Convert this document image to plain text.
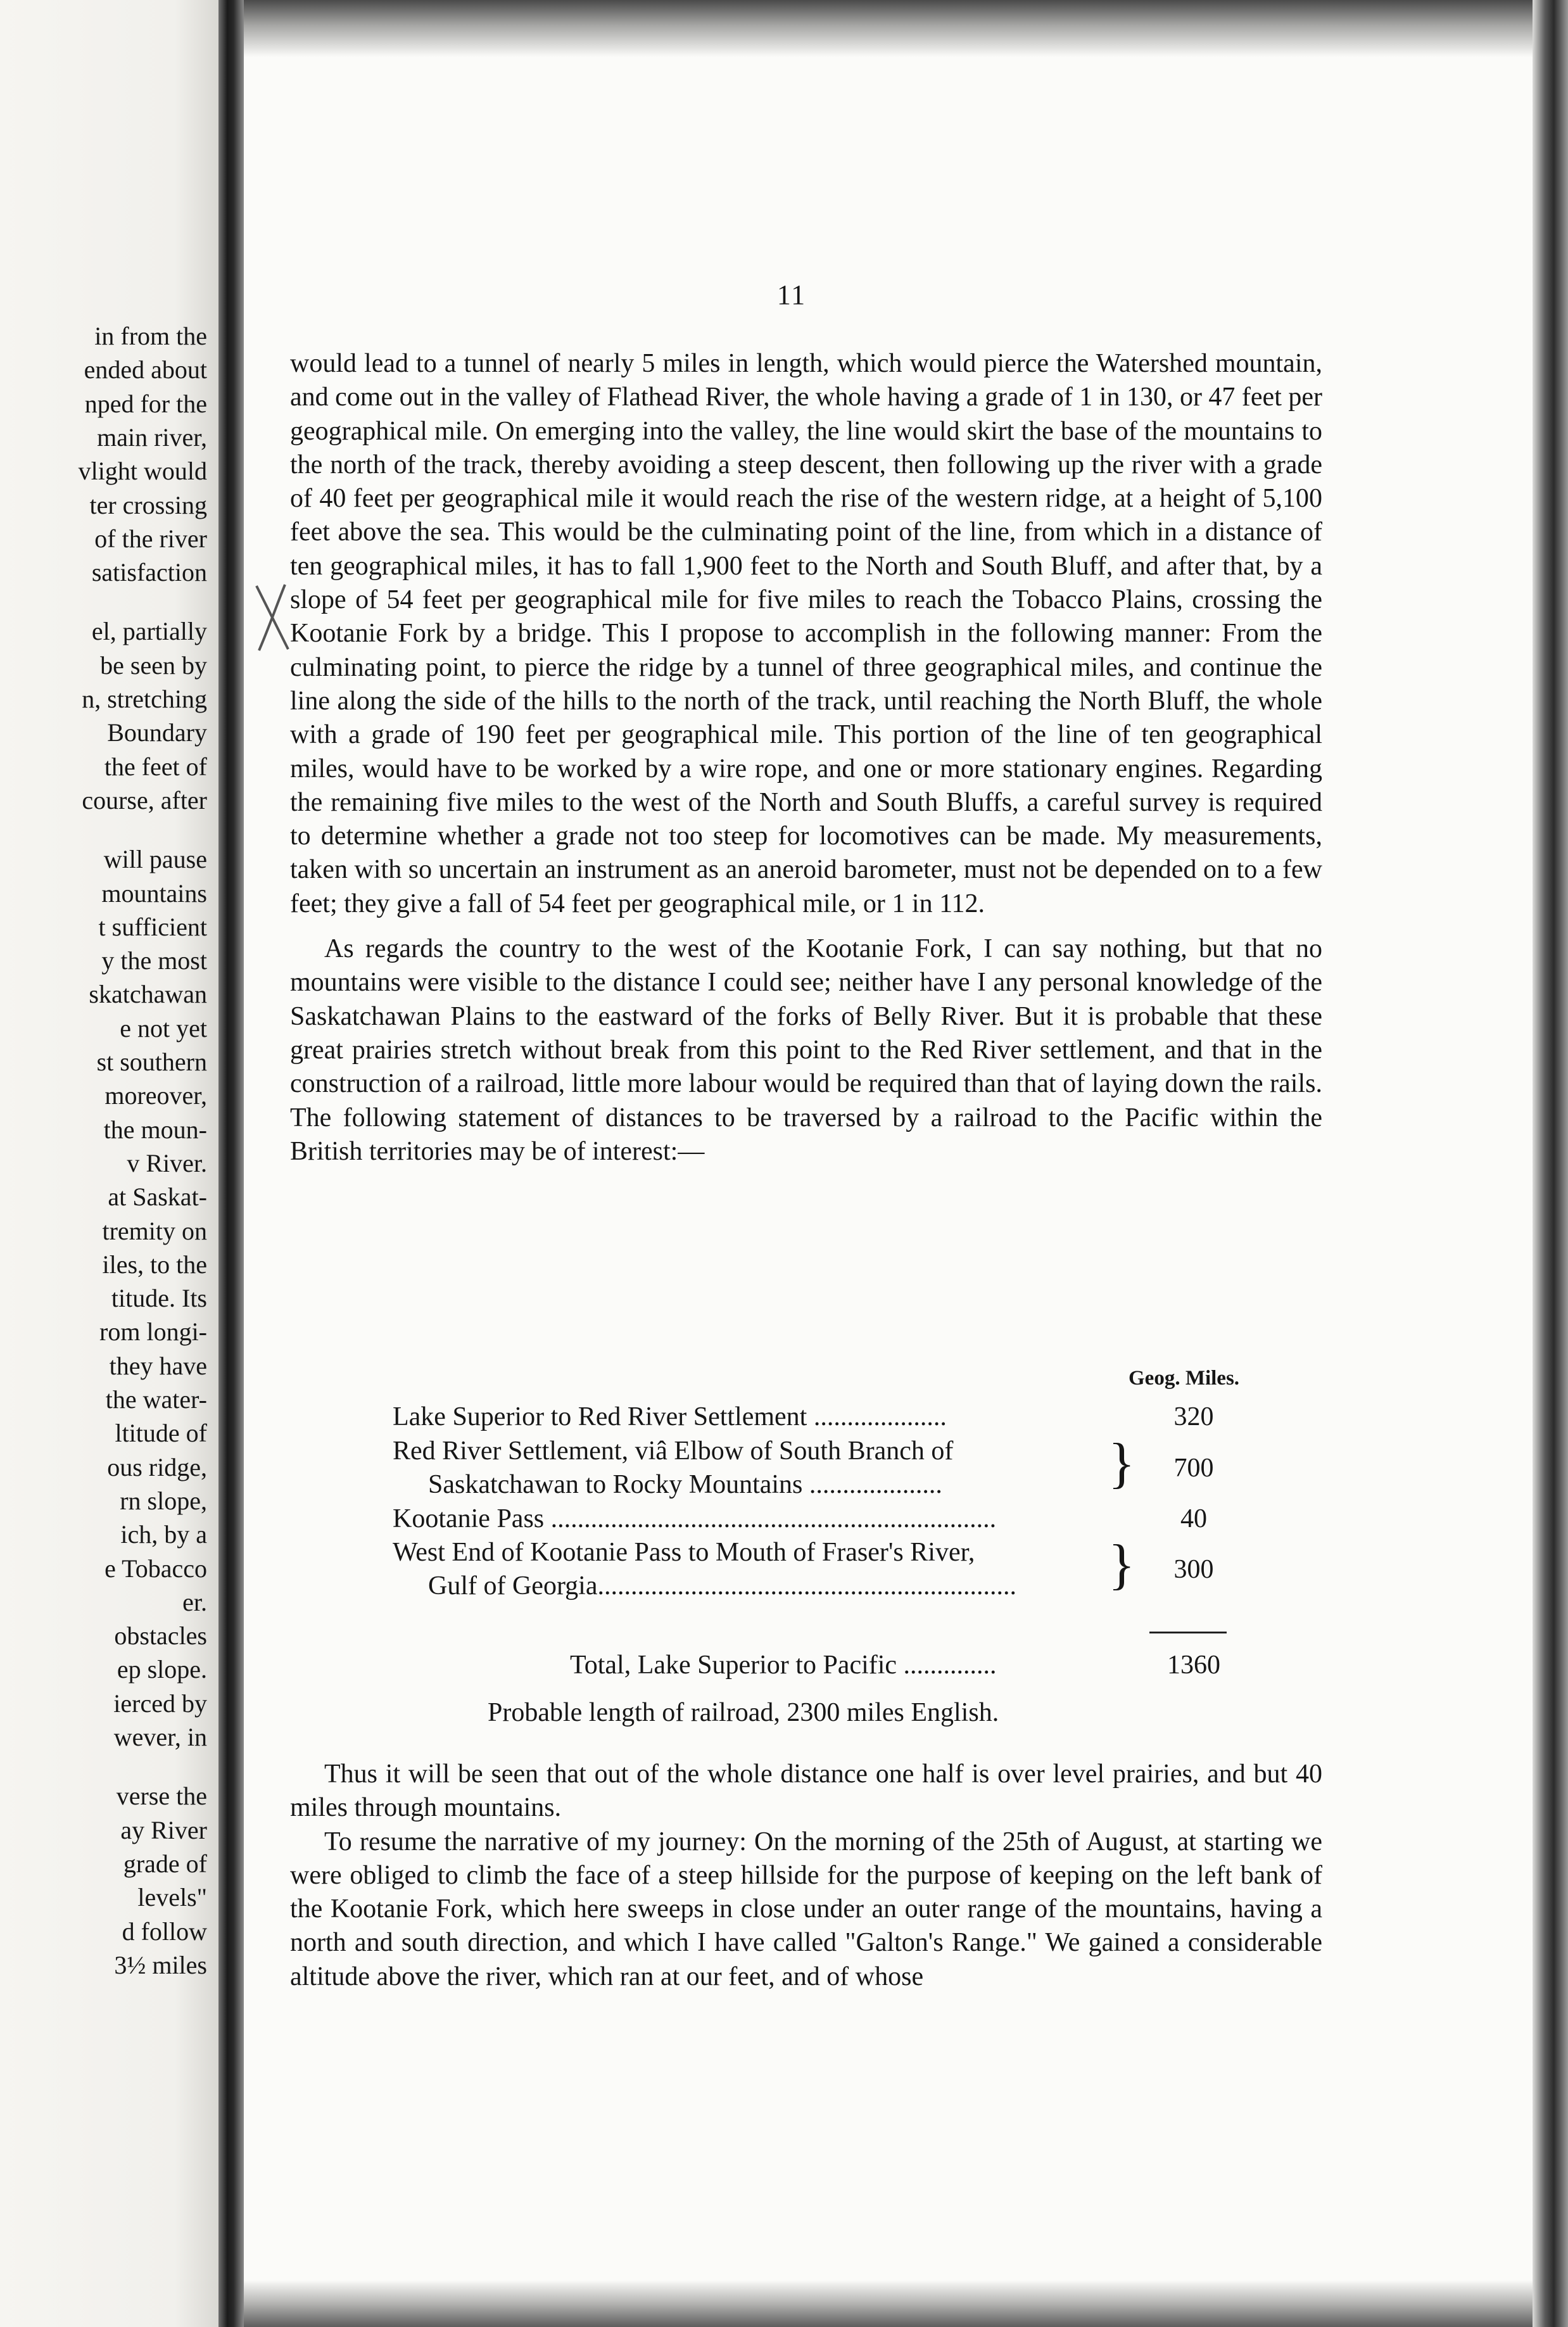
in from the
ended about
nped for the
main river,
vlight would
ter crossing
of the river
satisfaction
el, partially
be seen by
n, stretching
Boundary
the feet of
course, after
will pause
mountains
t sufficient
y the most
skatchawan
e not yet
st southern
moreover,
the moun-
v River.
at Saskat-
tremity on
iles, to the
titude. Its
rom longi-
they have
the water-
ltitude of
ous ridge,
rn slope,
ich, by a
e Tobacco
er.
obstacles
ep slope.
ierced by
wever, in
verse the
ay River
grade of
levels"
d follow
3½ miles
11

would lead to a tunnel of nearly 5 miles in length, which would pierce the Watershed mountain, and come out in the valley of Flathead River, the whole having a grade of 1 in 130, or 47 feet per geographical mile. On emerging into the valley, the line would skirt the base of the mountains to the north of the track, thereby avoiding a steep descent, then following up the river with a grade of 40 feet per geographical mile it would reach the rise of the western ridge, at a height of 5,100 feet above the sea. This would be the culminating point of the line, from which in a distance of ten geographical miles, it has to fall 1,900 feet to the North and South Bluff, and after that, by a slope of 54 feet per geographical mile for five miles to reach the Tobacco Plains, crossing the Kootanie Fork by a bridge. This I propose to accomplish in the following manner: From the culminating point, to pierce the ridge by a tunnel of three geographical miles, and continue the line along the side of the hills to the north of the track, until reaching the North Bluff, the whole with a grade of 190 feet per geographical mile. This portion of the line of ten geographical miles, would have to be worked by a wire rope, and one or more stationary engines. Regarding the remaining five miles to the west of the North and South Bluffs, a careful survey is required to determine whether a grade not too steep for locomotives can be made. My measurements, taken with so uncertain an instrument as an aneroid barometer, must not be depended on to a few feet; they give a fall of 54 feet per geographical mile, or 1 in 112.

As regards the country to the west of the Kootanie Fork, I can say nothing, but that no mountains were visible to the distance I could see; neither have I any personal knowledge of the Saskatchawan Plains to the eastward of the forks of Belly River. But it is probable that these great prairies stretch without break from this point to the Red River settlement, and that in the construction of a railroad, little more labour would be required than that of laying down the rails. The following statement of distances to be traversed by a railroad to the Pacific within the British territories may be of interest:—

Geog. Miles.
Lake Superior to Red River Settlement ....................	320
Red River Settlement, viâ Elbow of South Branch of
Saskatchawan to Rocky Mountains ....................	}	700
Kootanie Pass ...................................................................	40
West End of Kootanie Pass to Mouth of Fraser's River,
Gulf of Georgia............................................................... }	300
Total, Lake Superior to Pacific ..............	1360
Probable length of railroad, 2300 miles English.

Thus it will be seen that out of the whole distance one half is over level prairies, and but 40 miles through mountains.

To resume the narrative of my journey: On the morning of the 25th of August, at starting we were obliged to climb the face of a steep hillside for the purpose of keeping on the left bank of the Kootanie Fork, which here sweeps in close under an outer range of the mountains, having a north and south direction, and which I have called "Galton's Range." We gained a considerable altitude above the river, which ran at our feet, and of whose
